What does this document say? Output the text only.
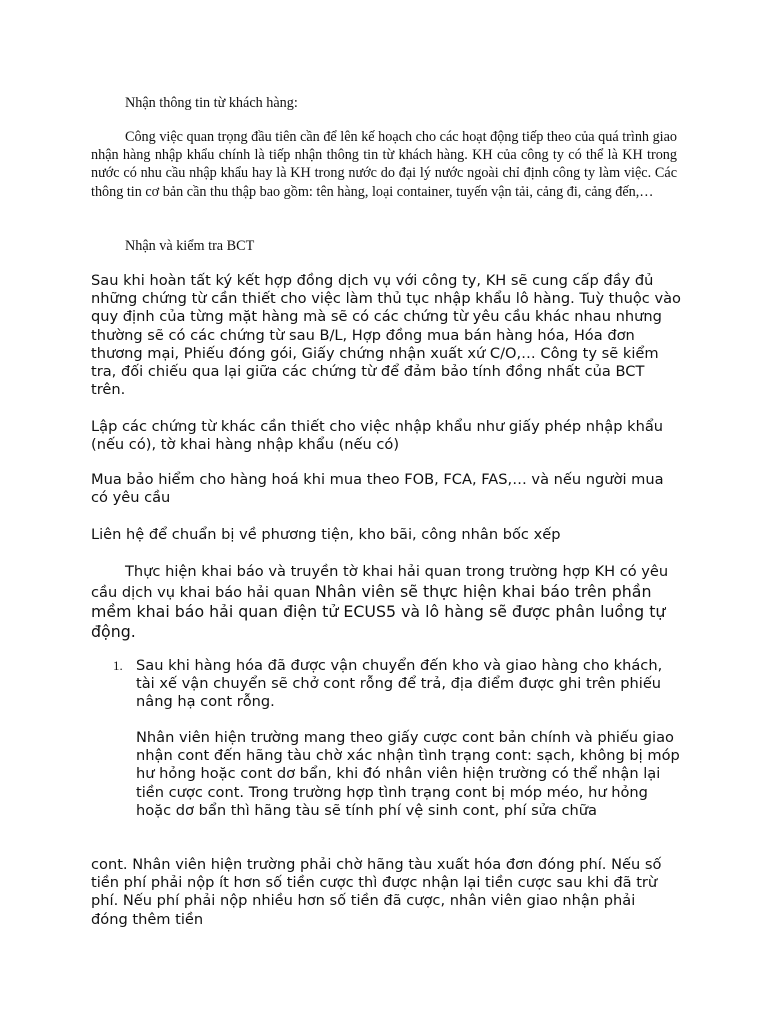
Nhận thông tin từ khách hàng:

Công việc quan trọng đầu tiên cần để lên kế hoạch cho các hoạt động tiếp theo của quá trình giao nhận hàng nhập khẩu chính là tiếp nhận thông tin từ khách hàng. KH của công ty có thể là KH trong nước có nhu cầu nhập khẩu hay là KH trong nước do đại lý nước ngoài chỉ định công ty làm việc. Các thông tin cơ bản cần thu thập bao gồm: tên hàng, loại container, tuyến vận tải, cảng đi, cảng đến,…

Nhận và kiểm tra BCT

Sau khi hoàn tất ký kết hợp đồng dịch vụ với công ty, KH sẽ cung cấp đầy đủ những chứng từ cần thiết cho việc làm thủ tục nhập khẩu lô hàng. Tuỳ thuộc vào quy định của từng mặt hàng mà sẽ có các chứng từ yêu cầu khác nhau nhưng thường sẽ có các chứng từ sau B/L, Hợp đồng mua bán hàng hóa, Hóa đơn thương mại, Phiếu đóng gói, Giấy chứng nhận xuất xứ C/O,… Công ty sẽ kiểm tra, đối chiếu qua lại giữa các chứng từ để đảm bảo tính đồng nhất của BCT trên.

Lập các chứng từ khác cần thiết cho việc nhập khẩu như giấy phép nhập khẩu (nếu có), tờ khai hàng nhập khẩu (nếu có)

Mua bảo hiểm cho hàng hoá khi mua theo FOB, FCA, FAS,… và nếu người mua có yêu cầu

Liên hệ để chuẩn bị về phương tiện, kho bãi, công nhân bốc xếp

Thực hiện khai báo và truyền tờ khai hải quan trong trường hợp KH có yêu cầu dịch vụ khai báo hải quan Nhân viên sẽ thực hiện khai báo trên phần mềm khai báo hải quan điện tử ECUS5 và lô hàng sẽ được phân luồng tự động.

1. Sau khi hàng hóa đã được vận chuyển đến kho và giao hàng cho khách, tài xế vận chuyển sẽ chở cont rỗng để trả, địa điểm được ghi trên phiếu nâng hạ cont rỗng.

Nhân viên hiện trường mang theo giấy cược cont bản chính và phiếu giao nhận cont đến hãng tàu chờ xác nhận tình trạng cont: sạch, không bị móp hư hỏng hoặc cont dơ bẩn, khi đó nhân viên hiện trường có thể nhận lại tiền cược cont. Trong trường hợp tình trạng cont bị móp méo, hư hỏng hoặc dơ bẩn thì hãng tàu sẽ tính phí vệ sinh cont, phí sửa chữa

cont. Nhân viên hiện trường phải chờ hãng tàu xuất hóa đơn đóng phí. Nếu số tiền phí phải nộp ít hơn số tiền cược thì được nhận lại tiền cược sau khi đã trừ phí. Nếu phí phải nộp nhiều hơn số tiền đã cược, nhân viên giao nhận phải đóng thêm tiền
